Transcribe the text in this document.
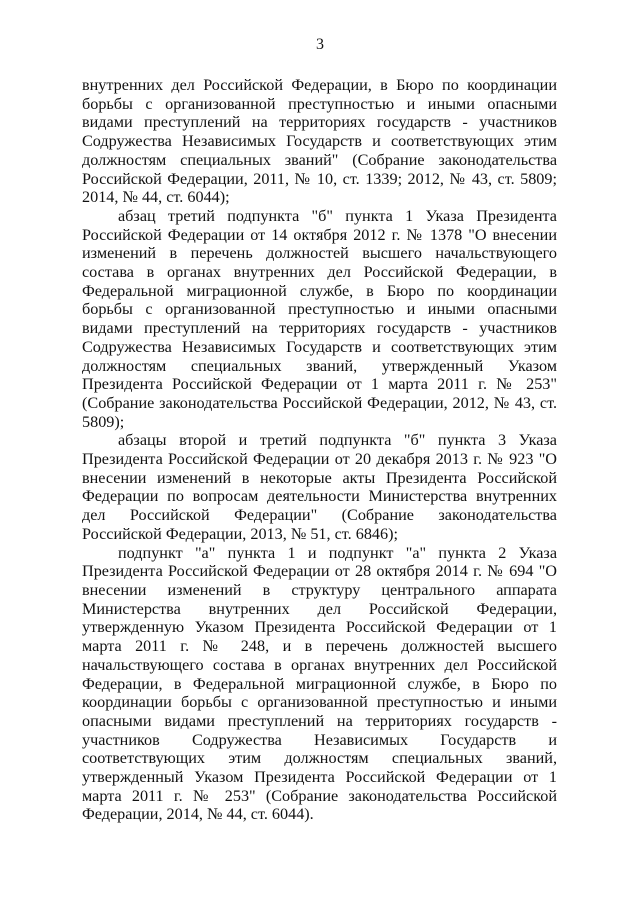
3

внутренних дел Российской Федерации, в Бюро по координации борьбы с организованной преступностью и иными опасными видами преступлений на территориях государств - участников Содружества Независимых Государств и соответствующих этим должностям специальных званий" (Собрание законодательства Российской Федерации, 2011, № 10, ст. 1339; 2012, № 43, ст. 5809; 2014, № 44, ст. 6044);

абзац третий подпункта "б" пункта 1 Указа Президента Российской Федерации от 14 октября 2012 г. № 1378 "О внесении изменений в перечень должностей высшего начальствующего состава в органах внутренних дел Российской Федерации, в Федеральной миграционной службе, в Бюро по координации борьбы с организованной преступностью и иными опасными видами преступлений на территориях государств - участников Содружества Независимых Государств и соответствующих этим должностям специальных званий, утвержденный Указом Президента Российской Федерации от 1 марта 2011 г. № 253" (Собрание законодательства Российской Федерации, 2012, № 43, ст. 5809);

абзацы второй и третий подпункта "б" пункта 3 Указа Президента Российской Федерации от 20 декабря 2013 г. № 923 "О внесении изменений в некоторые акты Президента Российской Федерации по вопросам деятельности Министерства внутренних дел Российской Федерации" (Собрание законодательства Российской Федерации, 2013, № 51, ст. 6846);

подпункт "а" пункта 1 и подпункт "а" пункта 2 Указа Президента Российской Федерации от 28 октября 2014 г. № 694 "О внесении изменений в структуру центрального аппарата Министерства внутренних дел Российской Федерации, утвержденную Указом Президента Российской Федерации от 1 марта 2011 г. № 248, и в перечень должностей высшего начальствующего состава в органах внутренних дел Российской Федерации, в Федеральной миграционной службе, в Бюро по координации борьбы с организованной преступностью и иными опасными видами преступлений на территориях государств - участников Содружества Независимых Государств и соответствующих этим должностям специальных званий, утвержденный Указом Президента Российской Федерации от 1 марта 2011 г. № 253" (Собрание законодательства Российской Федерации, 2014, № 44, ст. 6044).
